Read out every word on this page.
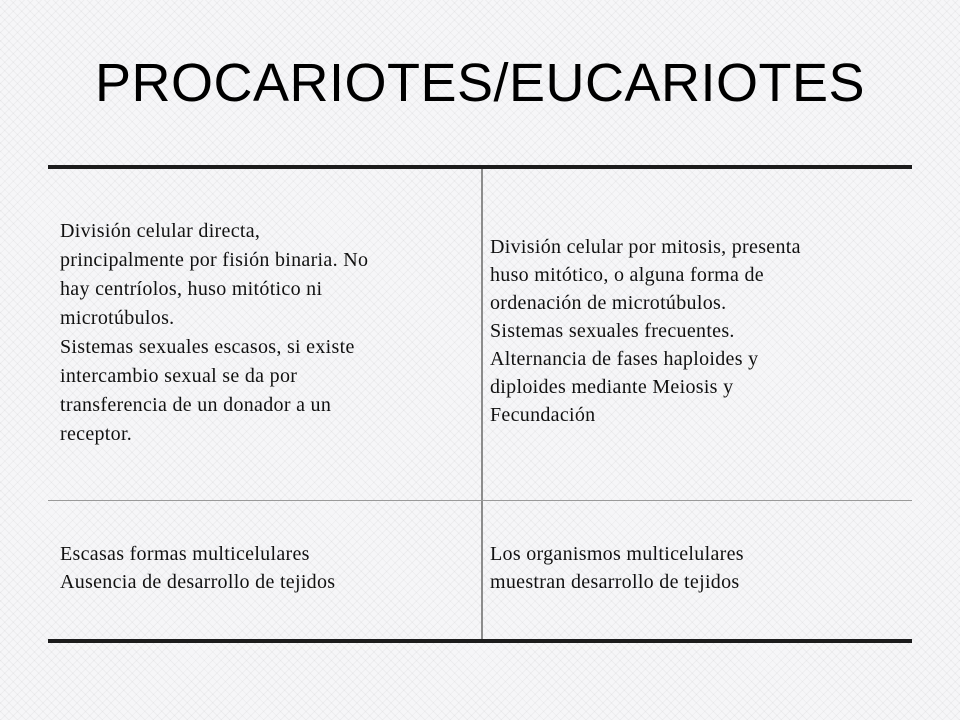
PROCARIOTES/EUCARIOTES
División celular directa,
principalmente por fisión binaria. No
hay centríolos, huso mitótico ni
microtúbulos.
Sistemas sexuales escasos, si existe
intercambio sexual se da por
transferencia de un donador a un
receptor.
División celular por mitosis, presenta
huso mitótico, o alguna forma de
ordenación de microtúbulos.
Sistemas sexuales frecuentes.
Alternancia de fases haploides y
diploides mediante Meiosis y
Fecundación
Escasas formas multicelulares
Ausencia de desarrollo de tejidos
Los organismos multicelulares
muestran desarrollo de tejidos
